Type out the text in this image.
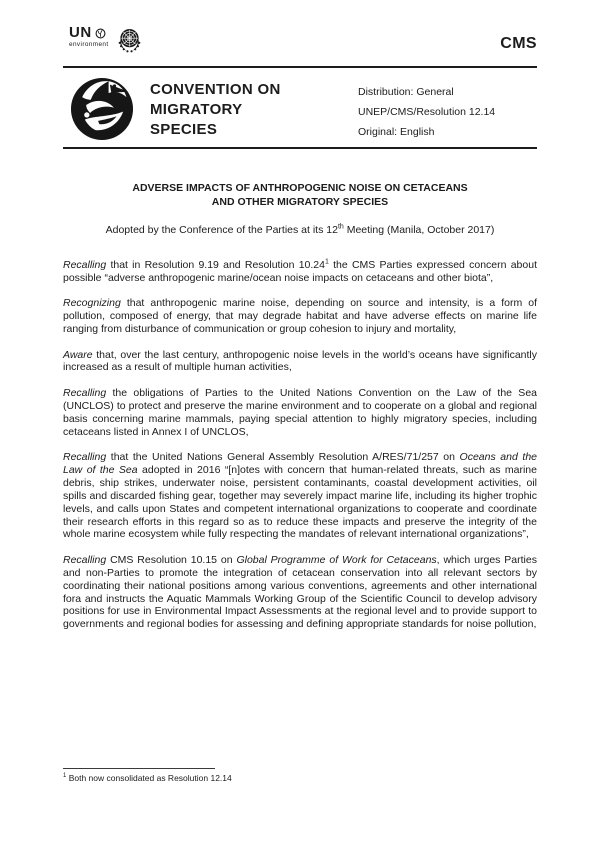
UN
environment	CMS
CONVENTION ON
MIGRATORY
SPECIES
Distribution: General
UNEP/CMS/Resolution 12.14
Original: English
ADVERSE IMPACTS OF ANTHROPOGENIC NOISE ON CETACEANS
AND OTHER MIGRATORY SPECIES
Adopted by the Conference of the Parties at its 12th Meeting (Manila, October 2017)

Recalling that in Resolution 9.19 and Resolution 10.24$^1$ the CMS Parties expressed concern about possible “adverse anthropogenic marine/ocean noise impacts on cetaceans and other biota”,

Recognizing that anthropogenic marine noise, depending on source and intensity, is a form of pollution, composed of energy, that may degrade habitat and have adverse effects on marine life ranging from disturbance of communication or group cohesion to injury and mortality,

Aware that, over the last century, anthropogenic noise levels in the world’s oceans have significantly increased as a result of multiple human activities,

Recalling the obligations of Parties to the United Nations Convention on the Law of the Sea (UNCLOS) to protect and preserve the marine environment and to cooperate on a global and regional basis concerning marine mammals, paying special attention to highly migratory species, including cetaceans listed in Annex I of UNCLOS,

Recalling that the United Nations General Assembly Resolution A/RES/71/257 on Oceans and the Law of the Sea adopted in 2016 “[n]otes with concern that human-related threats, such as marine debris, ship strikes, underwater noise, persistent contaminants, coastal development activities, oil spills and discarded fishing gear, together may severely impact marine life, including its higher trophic levels, and calls upon States and competent international organizations to cooperate and coordinate their research efforts in this regard so as to reduce these impacts and preserve the integrity of the whole marine ecosystem while fully respecting the mandates of relevant international organizations”,

Recalling CMS Resolution 10.15 on Global Programme of Work for Cetaceans, which urges Parties and non-Parties to promote the integration of cetacean conservation into all relevant sectors by coordinating their national positions among various conventions, agreements and other international fora and instructs the Aquatic Mammals Working Group of the Scientific Council to develop advisory positions for use in Environmental Impact Assessments at the regional level and to provide support to governments and regional bodies for assessing and defining appropriate standards for noise pollution,

$^1$ Both now consolidated as Resolution 12.14
